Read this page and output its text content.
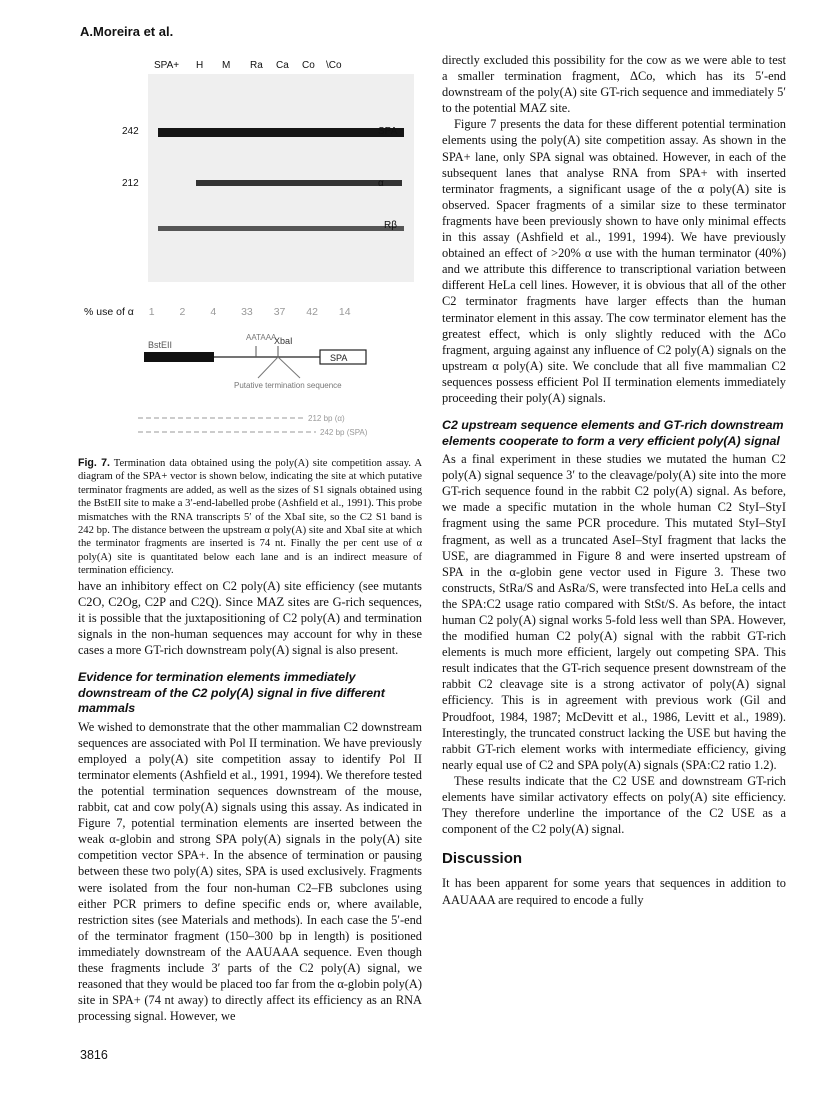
A.Moreira et al.
SPA+ H M Ra Ca Co \Co
242
212
SPA
α
Rβ
% use of α 1 2 4 33 37 42 14
BstEII
AATAAA
XbaI
SPA
Putative termination sequence
212 bp (α)
242 bp (SPA)

Fig. 7. Termination data obtained using the poly(A) site competition assay. A diagram of the SPA+ vector is shown below, indicating the site at which putative terminator fragments are added, as well as the sizes of S1 signals obtained using the BstEII site to make a 3′-end-labelled probe (Ashfield et al., 1991). This probe mismatches with the RNA transcripts 5′ of the XbaI site, so the C2 S1 band is 242 bp. The distance between the upstream α poly(A) site and XbaI site at which the terminator fragments are inserted is 74 nt. Finally the per cent use of α poly(A) site is quantitated below each lane and is an indirect measure of termination efficiency.

have an inhibitory effect on C2 poly(A) site efficiency (see mutants C2O, C2Og, C2P and C2Q). Since MAZ sites are G-rich sequences, it is possible that the juxtapositioning of C2 poly(A) and termination signals in the non-human sequences may account for why in these cases a more GT-rich downstream poly(A) signal is also present.

Evidence for termination elements immediately downstream of the C2 poly(A) signal in five different mammals

We wished to demonstrate that the other mammalian C2 downstream sequences are associated with Pol II termination. We have previously employed a poly(A) site competition assay to identify Pol II terminator elements (Ashfield et al., 1991, 1994). We therefore tested the potential termination sequences downstream of the mouse, rabbit, cat and cow poly(A) signals using this assay. As indicated in Figure 7, potential termination elements are inserted between the weak α-globin and strong SPA poly(A) signals in the poly(A) site competition vector SPA+. In the absence of termination or pausing between these two poly(A) sites, SPA is used exclusively. Fragments were isolated from the four non-human C2–FB subclones using either PCR primers to define specific ends or, where available, restriction sites (see Materials and methods). In each case the 5′-end of the terminator fragment (150–300 bp in length) is positioned immediately downstream of the AAUAAA sequence. Even though these fragments include 3′ parts of the C2 poly(A) signal, we reasoned that they would be placed too far from the α-globin poly(A) site in SPA+ (74 nt away) to directly affect its efficiency as an RNA processing signal. However, we

directly excluded this possibility for the cow as we were able to test a smaller termination fragment, ΔCo, which has its 5′-end downstream of the poly(A) site GT-rich sequence and immediately 5′ to the potential MAZ site.

Figure 7 presents the data for these different potential termination elements using the poly(A) site competition assay. As shown in the SPA+ lane, only SPA signal was obtained. However, in each of the subsequent lanes that analyse RNA from SPA+ with inserted terminator fragments, a significant usage of the α poly(A) site is observed. Spacer fragments of a similar size to these terminator fragments have been previously shown to have only minimal effects in this assay (Ashfield et al., 1991, 1994). We have previously obtained an effect of >20% α use with the human terminator (40%) and we attribute this difference to transcriptional variation between different HeLa cell lines. However, it is obvious that all of the other C2 terminator fragments have larger effects than the human terminator element in this assay. The cow terminator element has the greatest effect, which is only slightly reduced with the ΔCo fragment, arguing against any influence of C2 poly(A) signals on the upstream α poly(A) site. We conclude that all five mammalian C2 sequences possess efficient Pol II termination elements immediately proceeding their poly(A) signals.

C2 upstream sequence elements and GT-rich downstream elements cooperate to form a very efficient poly(A) signal

As a final experiment in these studies we mutated the human C2 poly(A) signal sequence 3′ to the cleavage/poly(A) site into the more GT-rich sequence found in the rabbit C2 poly(A) signal. As before, we made a specific mutation in the whole human C2 StyI–StyI fragment using the same PCR procedure. This mutated StyI–StyI fragment, as well as a truncated AseI–StyI fragment that lacks the USE, are diagrammed in Figure 8 and were inserted upstream of SPA in the α-globin gene vector used in Figure 3. These two constructs, StRa/S and AsRa/S, were transfected into HeLa cells and the SPA:C2 usage ratio compared with StSt/S. As before, the intact human C2 poly(A) signal works 5-fold less well than SPA. However, the modified human C2 poly(A) signal with the rabbit GT-rich elements is much more efficient, largely out competing SPA. This result indicates that the GT-rich sequence present downstream of the rabbit C2 cleavage site is a strong activator of poly(A) signal efficiency. This is in agreement with previous work (Gil and Proudfoot, 1984, 1987; McDevitt et al., 1986, Levitt et al., 1989). Interestingly, the truncated construct lacking the USE but having the rabbit GT-rich element works with intermediate efficiency, giving nearly equal use of C2 and SPA poly(A) signals (SPA:C2 ratio 1.2).

These results indicate that the C2 USE and downstream GT-rich elements have similar activatory effects on poly(A) site efficiency. They therefore underline the importance of the C2 USE as a component of the C2 poly(A) signal.

Discussion

It has been apparent for some years that sequences in addition to AAUAAA are required to encode a fully

3816
